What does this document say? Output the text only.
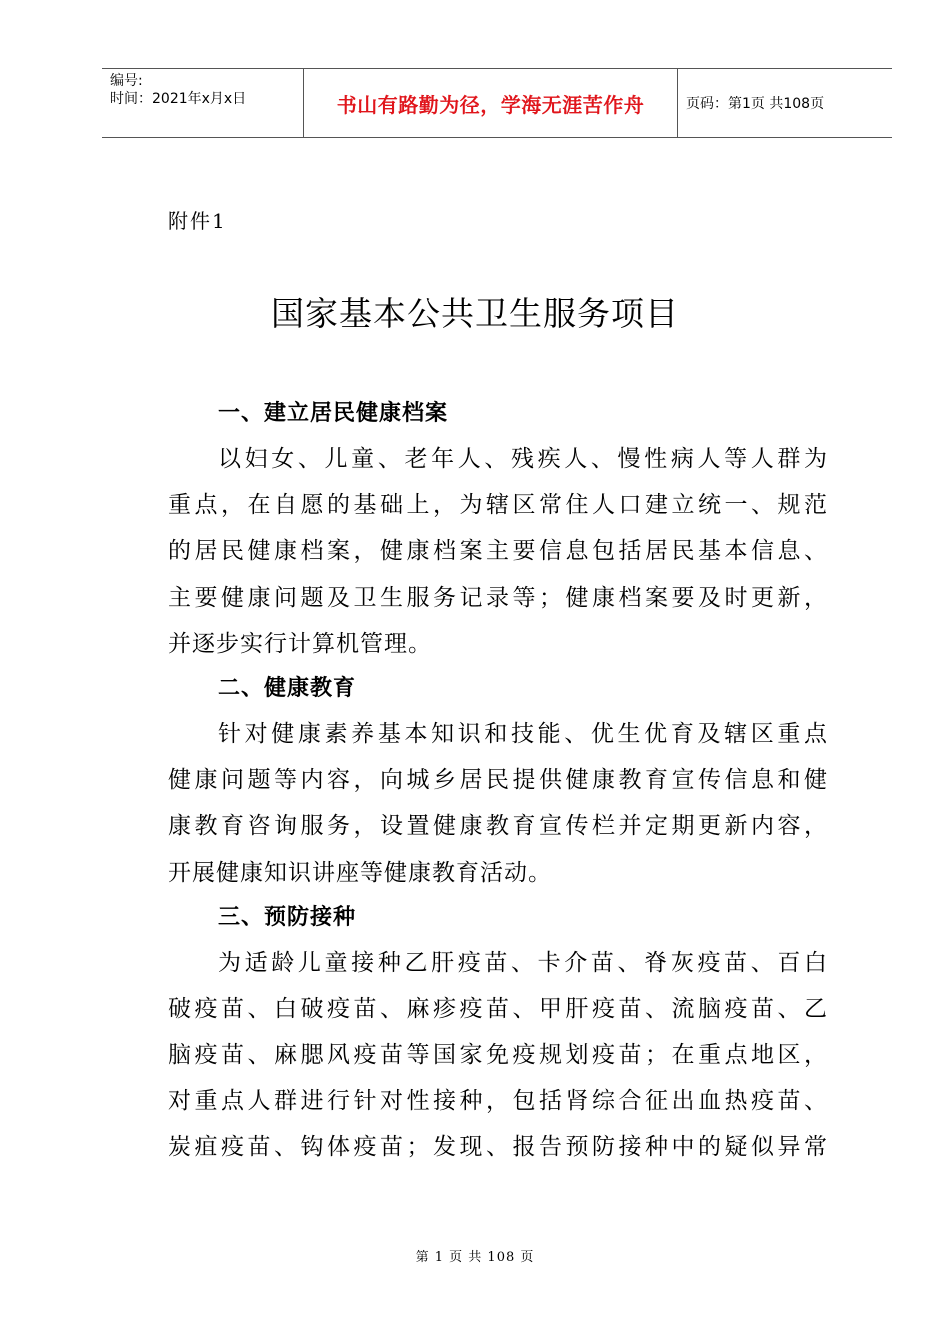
编号:
时间：2021年x月x日	书山有路勤为径，学海无涯苦作舟	页码：第1页 共108页
附件1
国家基本公共卫生服务项目
一、建立居民健康档案
以妇女、儿童、老年人、残疾人、慢性病人等人群为
重点，在自愿的基础上，为辖区常住人口建立统一、规范
的居民健康档案，健康档案主要信息包括居民基本信息、
主要健康问题及卫生服务记录等；健康档案要及时更新，
并逐步实行计算机管理。
二、健康教育
针对健康素养基本知识和技能、优生优育及辖区重点
健康问题等内容，向城乡居民提供健康教育宣传信息和健
康教育咨询服务，设置健康教育宣传栏并定期更新内容，
开展健康知识讲座等健康教育活动。
三、预防接种
为适龄儿童接种乙肝疫苗、卡介苗、脊灰疫苗、百白
破疫苗、白破疫苗、麻疹疫苗、甲肝疫苗、流脑疫苗、乙
脑疫苗、麻腮风疫苗等国家免疫规划疫苗；在重点地区，
对重点人群进行针对性接种，包括肾综合征出血热疫苗、
炭疽疫苗、钩体疫苗；发现、报告预防接种中的疑似异常
第 1 页 共 108 页
